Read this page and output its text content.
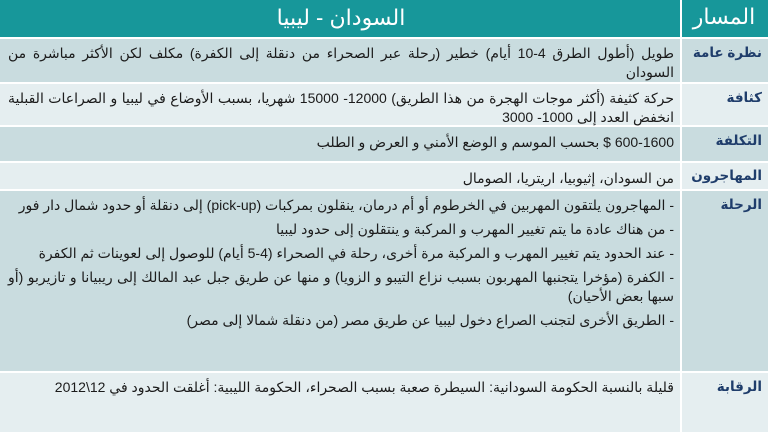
المسار
السودان - ليبيا
نظرة عامة
طويل (أطول الطرق 4-10 أيام) خطير (رحلة عبر الصحراء من دنقلة إلى الكفرة) مكلف لكن الأكثر مباشرة من السودان
كثافة
حركة كثيفة (أكثر موجات الهجرة من هذا الطريق) 12000- 15000 شهريا، بسبب الأوضاع في ليبيا و الصراعات القبلية انخفض العدد إلى 1000- 3000
التكلفة
600-1600 $ بحسب الموسم و الوضع الأمني و العرض و الطلب
المهاجرون
من السودان، إثيوبيا، اريتريا، الصومال
الرحلة
- المهاجرون يلتقون المهربين في الخرطوم أو أم درمان، ينقلون بمركبات (pick-up) إلى دنقلة أو حدود شمال دار فور
- من هناك عادة ما يتم تغيير المهرب و المركبة و ينتقلون إلى حدود ليبيا
- عند الحدود يتم تغيير المهرب و المركبة مرة أخرى، رحلة في الصحراء (4-5 أيام) للوصول إلى لعوينات ثم الكفرة
- الكفرة (مؤخرا يتجنبها المهربون بسبب نزاع التيبو و الزويا) و منها عن طريق جبل عبد المالك إلى ريبيانا و تازيربو (أو سبها بعض الأحيان)
- الطريق الأخرى لتجنب الصراع دخول ليبيا عن طريق مصر (من دنقلة شمالا إلى مصر)
الرقابة
قليلة بالنسبة الحكومة السودانية: السيطرة صعبة بسبب الصحراء، الحكومة الليبية: أغلقت الحدود في 12\2012
